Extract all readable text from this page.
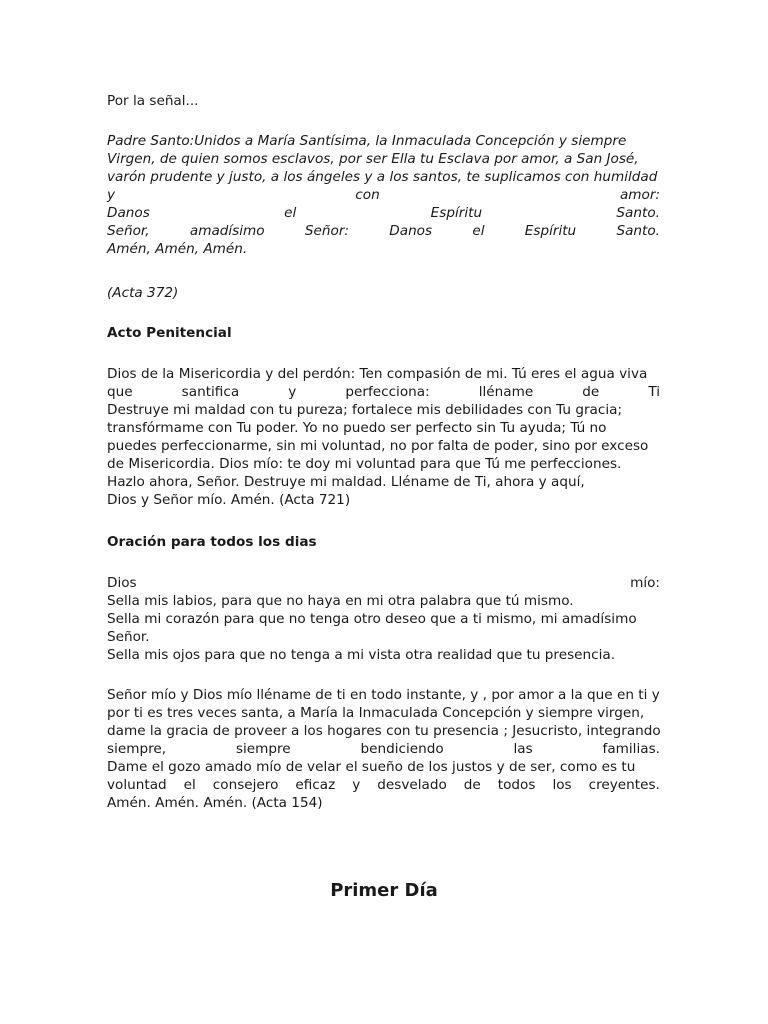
Por la señal...
Padre Santo:Unidos a María Santísima, la Inmaculada Concepción y siempre
Virgen, de quien somos esclavos, por ser Ella tu Esclava por amor, a San José,
varón prudente y justo, a los ángeles y a los santos, te suplicamos con humildad
y	con	amor:
Danos	el	Espíritu	Santo.
Señor,	amadísimo	Señor:	Danos	el	Espíritu	Santo.
Amén, Amén, Amén.
(Acta 372)
Acto Penitencial
Dios de la Misericordia y del perdón: Ten compasión de mi. Tú eres el agua viva
que	santifica	y	perfecciona:	lléname	de	Ti
Destruye mi maldad con tu pureza; fortalece mis debilidades con Tu gracia;
transfórmame con Tu poder. Yo no puedo ser perfecto sin Tu ayuda; Tú no
puedes perfeccionarme, sin mi voluntad, no por falta de poder, sino por exceso
de Misericordia. Dios mío: te doy mi voluntad para que Tú me perfecciones.
Hazlo ahora, Señor. Destruye mi maldad. Lléname de Ti, ahora y aquí,
Dios y Señor mío. Amén. (Acta 721)
Oración para todos los dias
Dios	mío:
Sella mis labios, para que no haya en mi otra palabra que tú mismo.
Sella mi corazón para que no tenga otro deseo que a ti mismo, mi amadísimo
Señor.
Sella mis ojos para que no tenga a mi vista otra realidad que tu presencia.
Señor mío y Dios mío lléname de ti en todo instante, y , por amor a la que en ti y
por ti es tres veces santa, a María la Inmaculada Concepción y siempre virgen,
dame la gracia de proveer a los hogares con tu presencia ; Jesucristo, integrando
siempre,	siempre	bendiciendo	las	familias.
Dame el gozo amado mío de velar el sueño de los justos y de ser, como es tu
voluntad el consejero eficaz y desvelado de todos los creyentes.
Amén. Amén. Amén. (Acta 154)
Primer Día
